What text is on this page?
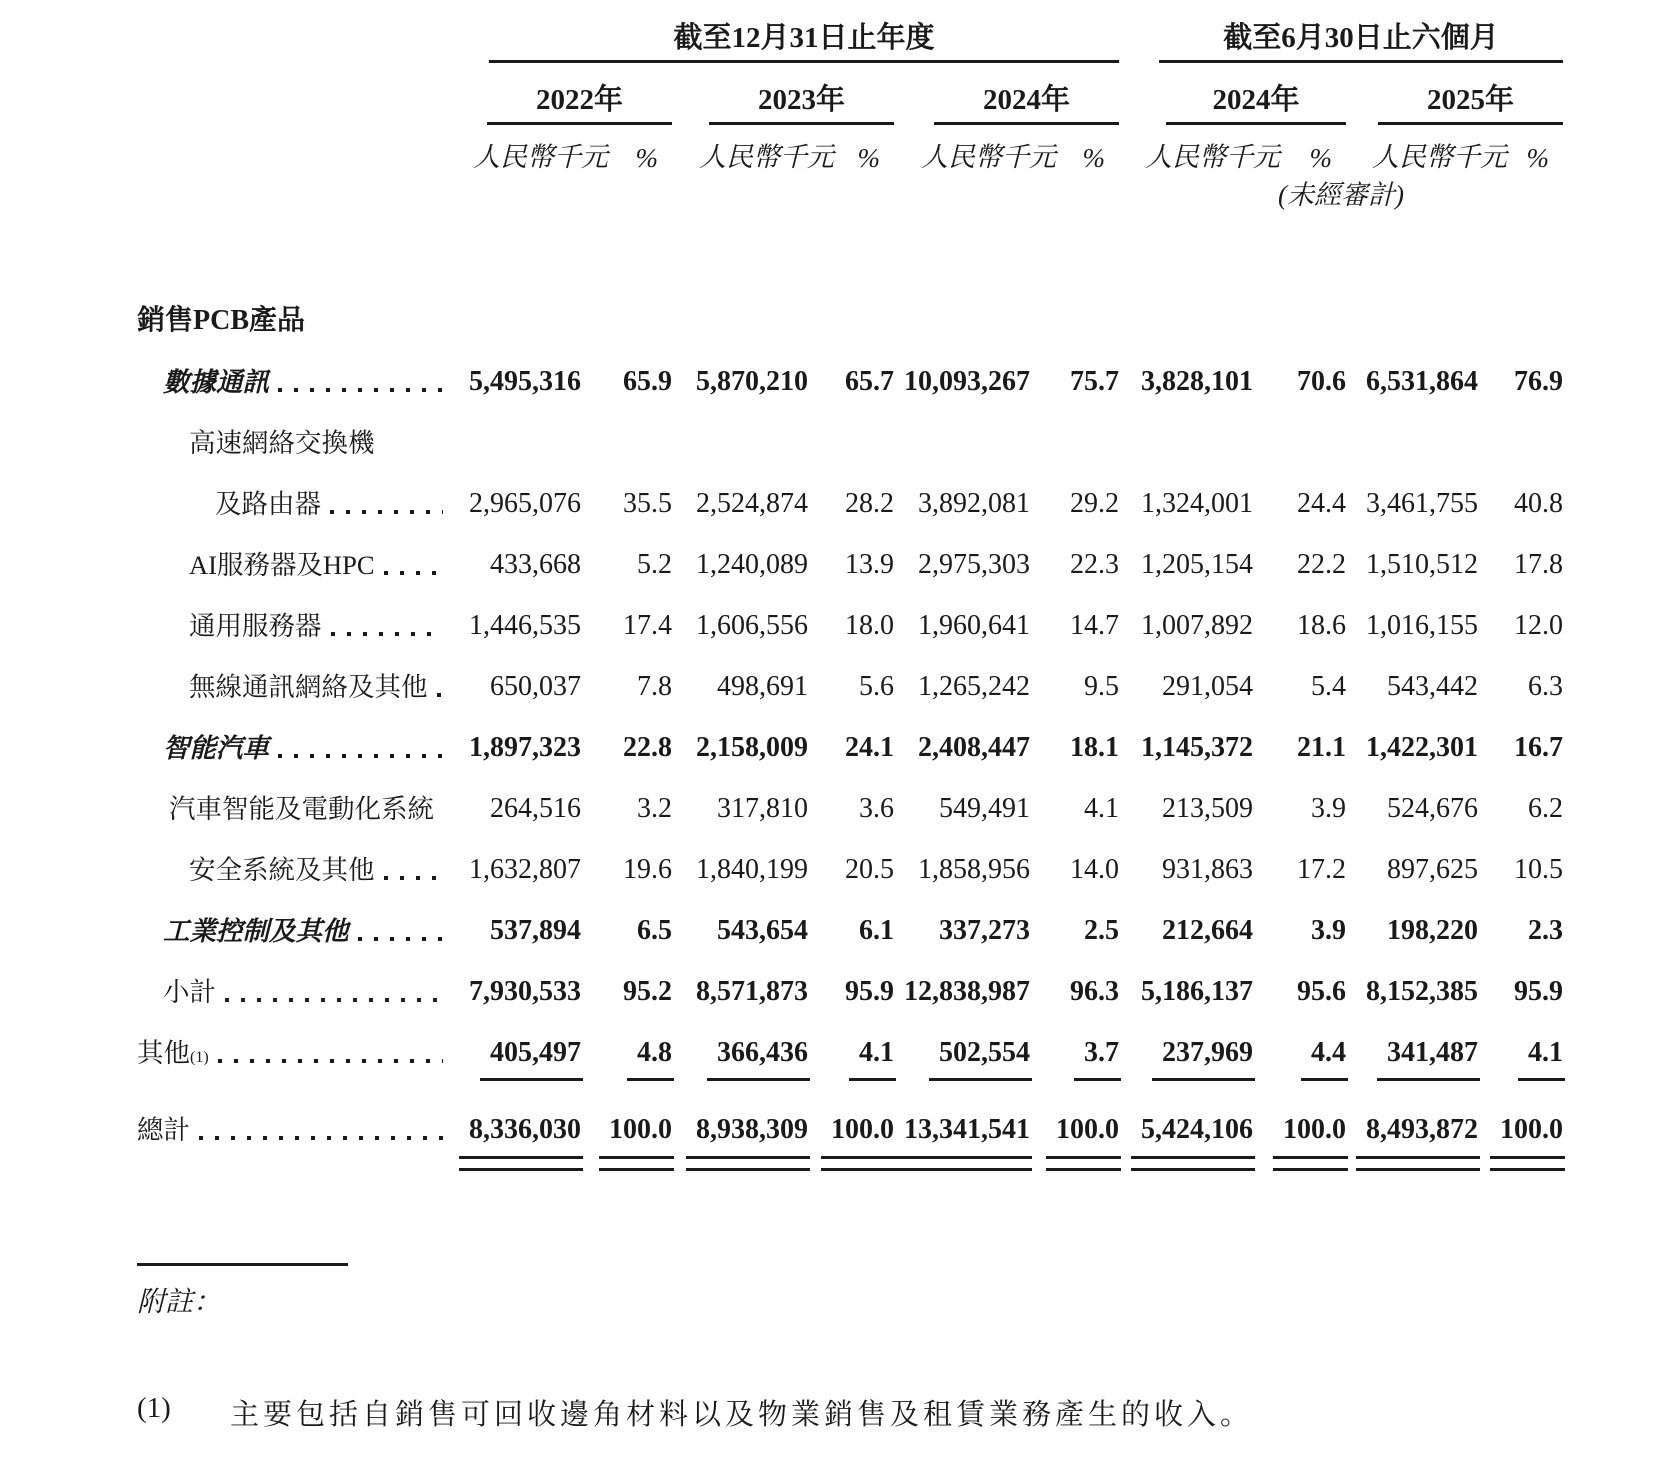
截至12月31日止年度	截至6月30日止六個月
2022年	2023年	2024年	2024年	2025年
人民幣千元	%	人民幣千元 %	人民幣千元 %	人民幣千元	%	人民幣千元 %
(未經審計)
銷售PCB產品
數據通訊	5,495,316	65.9 5,870,210	65.7 10,093,267	75.7 3,828,101	70.6 6,531,864	76.9
高速網絡交換機
及路由器	2,965,076	35.5 2,524,874	28.2 3,892,081	29.2 1,324,001	24.4 3,461,755	40.8
AI服務器及HPC	433,668	5.2 1,240,089	13.9 2,975,303	22.3 1,205,154	22.2 1,510,512	17.8
通用服務器	1,446,535	17.4 1,606,556	18.0 1,960,641	14.7 1,007,892	18.6 1,016,155	12.0
無線通訊網絡及其他	650,037	7.8	498,691	5.6 1,265,242	9.5	291,054	5.4	543,442	6.3
智能汽車	1,897,323	22.8 2,158,009	24.1 2,408,447	18.1 1,145,372	21.1 1,422,301	16.7
汽車智能及電動化系統	264,516	3.2	317,810	3.6	549,491	4.1	213,509	3.9	524,676	6.2
安全系統及其他	1,632,807	19.6 1,840,199	20.5 1,858,956	14.0	931,863	17.2	897,625	10.5
工業控制及其他	537,894	6.5	543,654	6.1	337,273	2.5	212,664	3.9	198,220	2.3
小計	7,930,533	95.2 8,571,873	95.9 12,838,987	96.3 5,186,137	95.6 8,152,385	95.9
其他 (1)	405,497	4.8	366,436	4.1	502,554	3.7	237,969	4.4	341,487	4.1
總計	8,336,030	100.0 8,938,309 100.0 13,341,541 100.0 5,424,106	100.0 8,493,872 100.0
附註：
(1)	主要包括自銷售可回收邊角材料以及物業銷售及租賃業務產生的收入。
